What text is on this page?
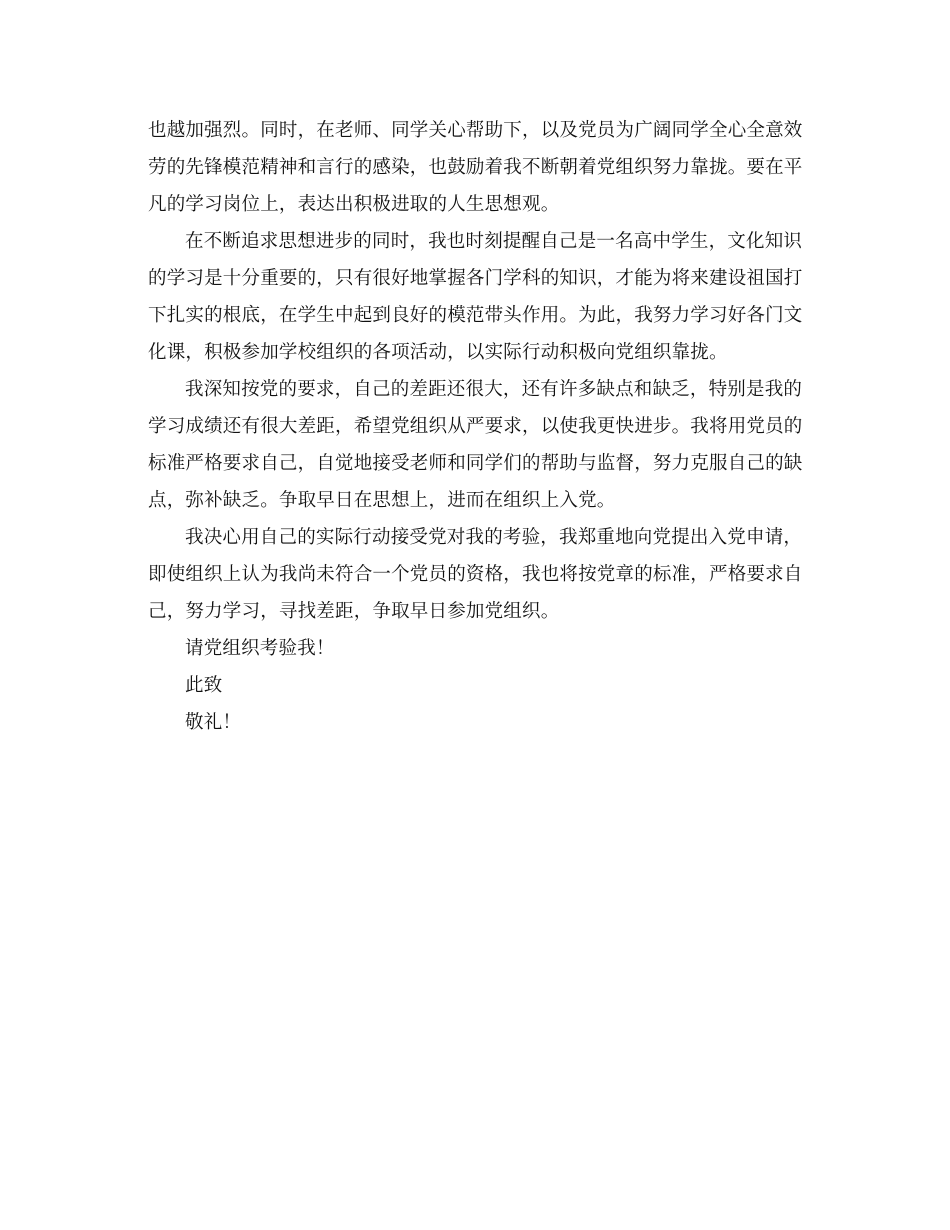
也越加强烈。同时，在老师、同学关心帮助下，以及党员为广阔同学全心全意效
劳的先锋模范精神和言行的感染，也鼓励着我不断朝着党组织努力靠拢。要在平
凡的学习岗位上，表达出积极进取的人生思想观。

在不断追求思想进步的同时，我也时刻提醒自己是一名高中学生，文化知识
的学习是十分重要的，只有很好地掌握各门学科的知识，才能为将来建设祖国打
下扎实的根底，在学生中起到良好的模范带头作用。为此，我努力学习好各门文
化课，积极参加学校组织的各项活动，以实际行动积极向党组织靠拢。

我深知按党的要求，自己的差距还很大，还有许多缺点和缺乏，特别是我的
学习成绩还有很大差距，希望党组织从严要求，以使我更快进步。我将用党员的
标准严格要求自己，自觉地接受老师和同学们的帮助与监督，努力克服自己的缺
点，弥补缺乏。争取早日在思想上，进而在组织上入党。

我决心用自己的实际行动接受党对我的考验，我郑重地向党提出入党申请，
即使组织上认为我尚未符合一个党员的资格，我也将按党章的标准，严格要求自
己，努力学习，寻找差距，争取早日参加党组织。

请党组织考验我！

此致

敬礼！
